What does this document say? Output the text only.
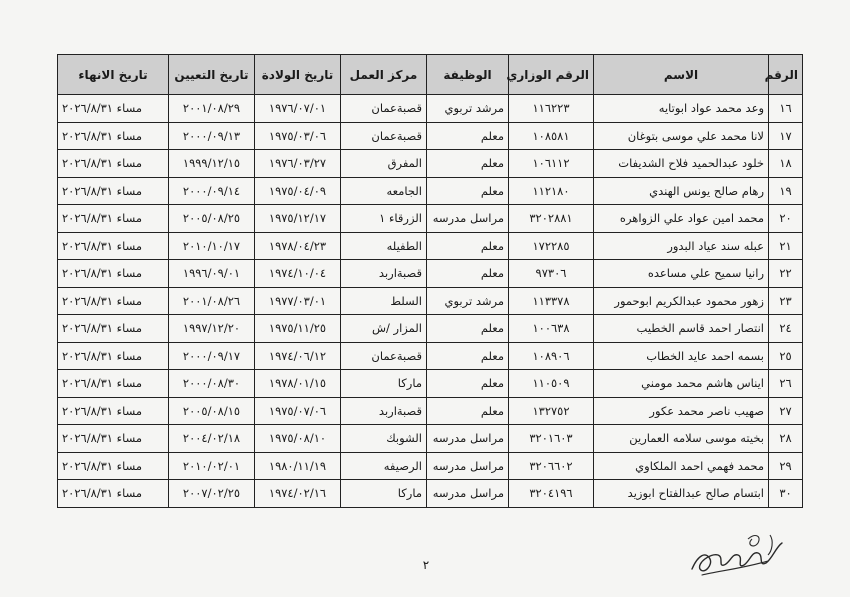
الرقم	الاسم	الرقم الوزاري	الوظيفة	مركز العمل	تاريخ الولادة	تاريخ التعيين	تاريخ الانهاء
١٦	وعد محمد عواد ابوتايه	١١٦٢٢٣	مرشد تربوي	قصبةعمان	١٩٧٦/٠٧/٠١	٢٠٠١/٠٨/٢٩	مساء ٢٠٢٦/٨/٣١
١٧	لانا محمد علي موسى بتوغان	١٠٨٥٨١	معلم	قصبةعمان	١٩٧٥/٠٣/٠٦	٢٠٠٠/٠٩/١٣	مساء ٢٠٢٦/٨/٣١
١٨	خلود عبدالحميد فلاح الشديفات	١٠٦١١٢	معلم	المفرق	١٩٧٦/٠٣/٢٧	١٩٩٩/١٢/١٥	مساء ٢٠٢٦/٨/٣١
١٩	رهام صالح يونس الهندي	١١٢١٨٠	معلم	الجامعه	١٩٧٥/٠٤/٠٩	٢٠٠٠/٠٩/١٤	مساء ٢٠٢٦/٨/٣١
٢٠	محمد امين عواد علي الزواهره	٣٢٠٢٨٨١	مراسل مدرسه	الزرقاء ١	١٩٧٥/١٢/١٧	٢٠٠٥/٠٨/٢٥	مساء ٢٠٢٦/٨/٣١
٢١	عبله سند عياد البدور	١٧٢٢٨٥	معلم	الطفيله	١٩٧٨/٠٤/٢٣	٢٠١٠/١٠/١٧	مساء ٢٠٢٦/٨/٣١
٢٢	رانيا سميح علي مساعده	٩٧٣٠٦	معلم	قصبةاربد	١٩٧٤/١٠/٠٤	١٩٩٦/٠٩/٠١	مساء ٢٠٢٦/٨/٣١
٢٣	زهور محمود عبدالكريم ابوحمور	١١٣٣٧٨	مرشد تربوي	السلط	١٩٧٧/٠٣/٠١	٢٠٠١/٠٨/٢٦	مساء ٢٠٢٦/٨/٣١
٢٤	انتصار احمد قاسم الخطيب	١٠٠٦٣٨	معلم	المزار /ش	١٩٧٥/١١/٢٥	١٩٩٧/١٢/٢٠	مساء ٢٠٢٦/٨/٣١
٢٥	بسمه احمد عايد الخطاب	١٠٨٩٠٦	معلم	قصبةعمان	١٩٧٤/٠٦/١٢	٢٠٠٠/٠٩/١٧	مساء ٢٠٢٦/٨/٣١
٢٦	ايناس هاشم محمد مومني	١١٠٥٠٩	معلم	ماركا	١٩٧٨/٠١/١٥	٢٠٠٠/٠٨/٣٠	مساء ٢٠٢٦/٨/٣١
٢٧	صهيب ناصر محمد عكور	١٣٢٧٥٢	معلم	قصبةاربد	١٩٧٥/٠٧/٠٦	٢٠٠٥/٠٨/١٥	مساء ٢٠٢٦/٨/٣١
٢٨	بخيته موسى سلامه العمارين	٣٢٠١٦٠٣	مراسل مدرسه	الشوبك	١٩٧٥/٠٨/١٠	٢٠٠٤/٠٢/١٨	مساء ٢٠٢٦/٨/٣١
٢٩	محمد فهمي احمد الملكاوي	٣٢٠٦٦٠٢	مراسل مدرسه	الرصيفه	١٩٨٠/١١/١٩	٢٠١٠/٠٢/٠١	مساء ٢٠٢٦/٨/٣١
٣٠	ابتسام صالح عبدالفتاح ابوزيد	٣٢٠٤١٩٦	مراسل مدرسه	ماركا	١٩٧٤/٠٢/١٦	٢٠٠٧/٠٢/٢٥	مساء ٢٠٢٦/٨/٣١
٢
